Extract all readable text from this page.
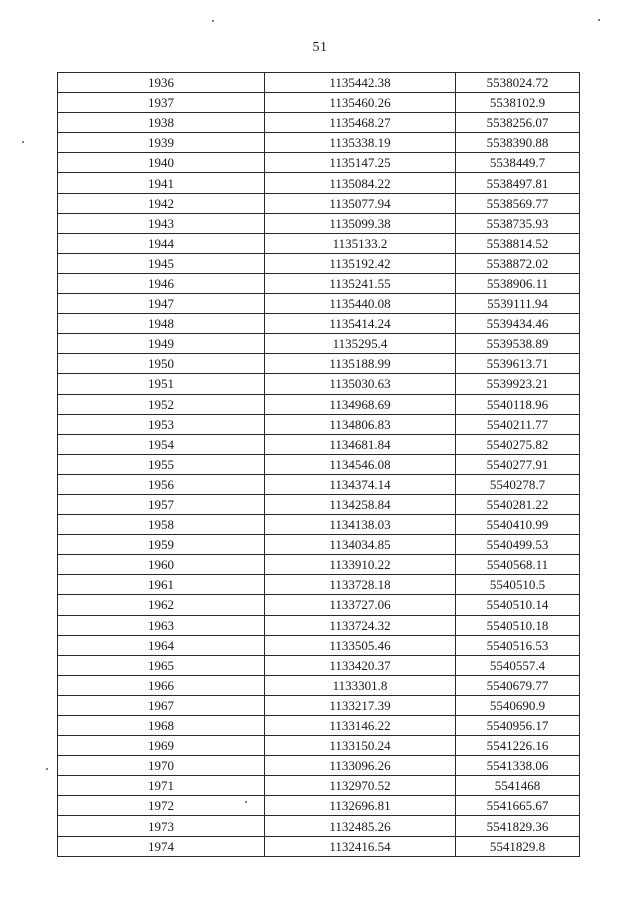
51
1936	1135442.38	5538024.72
1937	1135460.26	5538102.9
1938	1135468.27	5538256.07
1939	1135338.19	5538390.88
1940	1135147.25	5538449.7
1941	1135084.22	5538497.81
1942	1135077.94	5538569.77
1943	1135099.38	5538735.93
1944	1135133.2	5538814.52
1945	1135192.42	5538872.02
1946	1135241.55	5538906.11
1947	1135440.08	5539111.94
1948	1135414.24	5539434.46
1949	1135295.4	5539538.89
1950	1135188.99	5539613.71
1951	1135030.63	5539923.21
1952	1134968.69	5540118.96
1953	1134806.83	5540211.77
1954	1134681.84	5540275.82
1955	1134546.08	5540277.91
1956	1134374.14	5540278.7
1957	1134258.84	5540281.22
1958	1134138.03	5540410.99
1959	1134034.85	5540499.53
1960	1133910.22	5540568.11
1961	1133728.18	5540510.5
1962	1133727.06	5540510.14
1963	1133724.32	5540510.18
1964	1133505.46	5540516.53
1965	1133420.37	5540557.4
1966	1133301.8	5540679.77
1967	1133217.39	5540690.9
1968	1133146.22	5540956.17
1969	1133150.24	5541226.16
1970	1133096.26	5541338.06
1971	1132970.52	5541468
1972	1132696.81	5541665.67
1973	1132485.26	5541829.36
1974	1132416.54	5541829.8
